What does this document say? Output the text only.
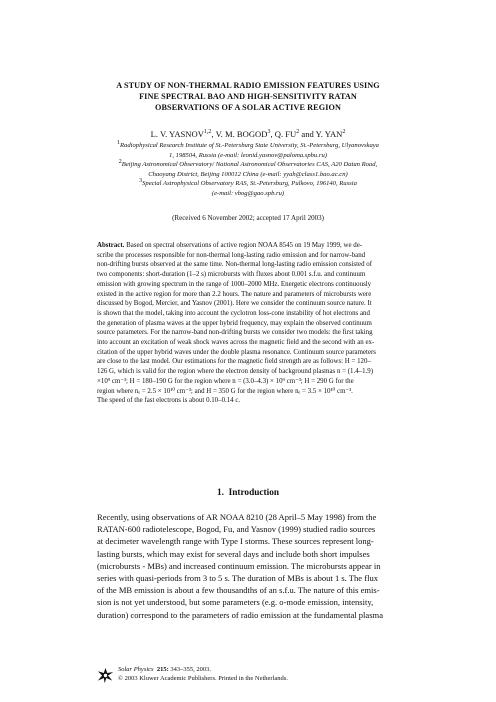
A STUDY OF NON-THERMAL RADIO EMISSION FEATURES USING
FINE SPECTRAL BAO AND HIGH-SENSITIVITY RATAN
OBSERVATIONS OF A SOLAR ACTIVE REGION
L. V. YASNOV$^{1,2}$, V. M. BOGOD$^3$, Q. $FU^2$ and Y. YAN$^2$
$^1$Radiophysical Research Institute of St.-Petersburg State University, St.-Petersburg, Ulyanovskaya
1, 198504, Russia (e-mail: leonid.yasnov@paloma.spbu.ru)
$^2$Beijing Astronomical Observatory/ National Astronomical Observatories CAS, A20 Datun Road,
Chaoyang District, Beijing 100012 China (e-mail: yyah@class1.bao.ac.cn)
$^3$Special Astrophysical Observatory RAS, St.-Petersburg, Pulkovo, 196140, Russia
(e-mail: vbog@gao.spb.ru)
(Received 6 November 2002; accepted 17 April 2003)
Abstract. Based on spectral observations of active region NOAA 8545 on 19 May 1999, we de-
scribe the processes responsible for non-thermal long-lasting radio emission and for narrow-band
non-drifting bursts observed at the same time. Non-thermal long-lasting radio emission consisted of
two components: short-duration (1–2 s) microbursts with fluxes about 0.001 s.f.u. and continuum
emission with growing spectrum in the range of 1000–2000 MHz. Energetic electrons continuously
existed in the active region for more than 2.2 hours. The nature and parameters of microbursts were
discussed by Bogod, Mercier, and Yasnov (2001). Here we consider the continuum source nature. It
is shown that the model, taking into account the cyclotron loss-cone instability of hot electrons and
the generation of plasma waves at the upper hybrid frequency, may explain the observed continuum
source parameters. For the narrow-band non-drifting bursts we consider two models: the first taking
into account an excitation of weak shock waves across the magnetic field and the second with an ex-
citation of the upper hybrid waves under the double plasma resonance. Continuum source parameters
are close to the last model. Our estimations for the magnetic field strength are as follows: H = 120–
126 G, which is valid for the region where the electron density of background plasmas n = (1.4–1.9)
×10⁹ cm⁻³; H = 180–190 G for the region where n = (3.0–4.3) × 10⁹ cm⁻³; H = 290 G for the
region where nₑ = 2.5 × 10¹⁰ cm⁻³; and H = 350 G for the region where nₑ = 3.5 × 10¹⁰ cm⁻³.
The speed of the fast electrons is about 0.10–0.14 c.
1.  Introduction
Recently, using observations of AR NOAA 8210 (28 April–5 May 1998) from the
RATAN-600 radiotelescope, Bogod, Fu, and Yasnov (1999) studied radio sources
at decimeter wavelength range with Type I storms. These sources represent long-
lasting bursts, which may exist for several days and include both short impulses
(microbursts - MBs) and increased continuum emission. The microbursts appear in
series with quasi-periods from 3 to 5 s. The duration of MBs is about 1 s. The flux
of the MB emission is about a few thousandths of an s.f.u. The nature of this emis-
sion is not yet understood, but some parameters (e.g. o-mode emission, intensity,
duration) correspond to the parameters of radio emission at the fundamental plasma
Solar Physics 215: 343–355, 2003.
© 2003 Kluwer Academic Publishers. Printed in the Netherlands.
